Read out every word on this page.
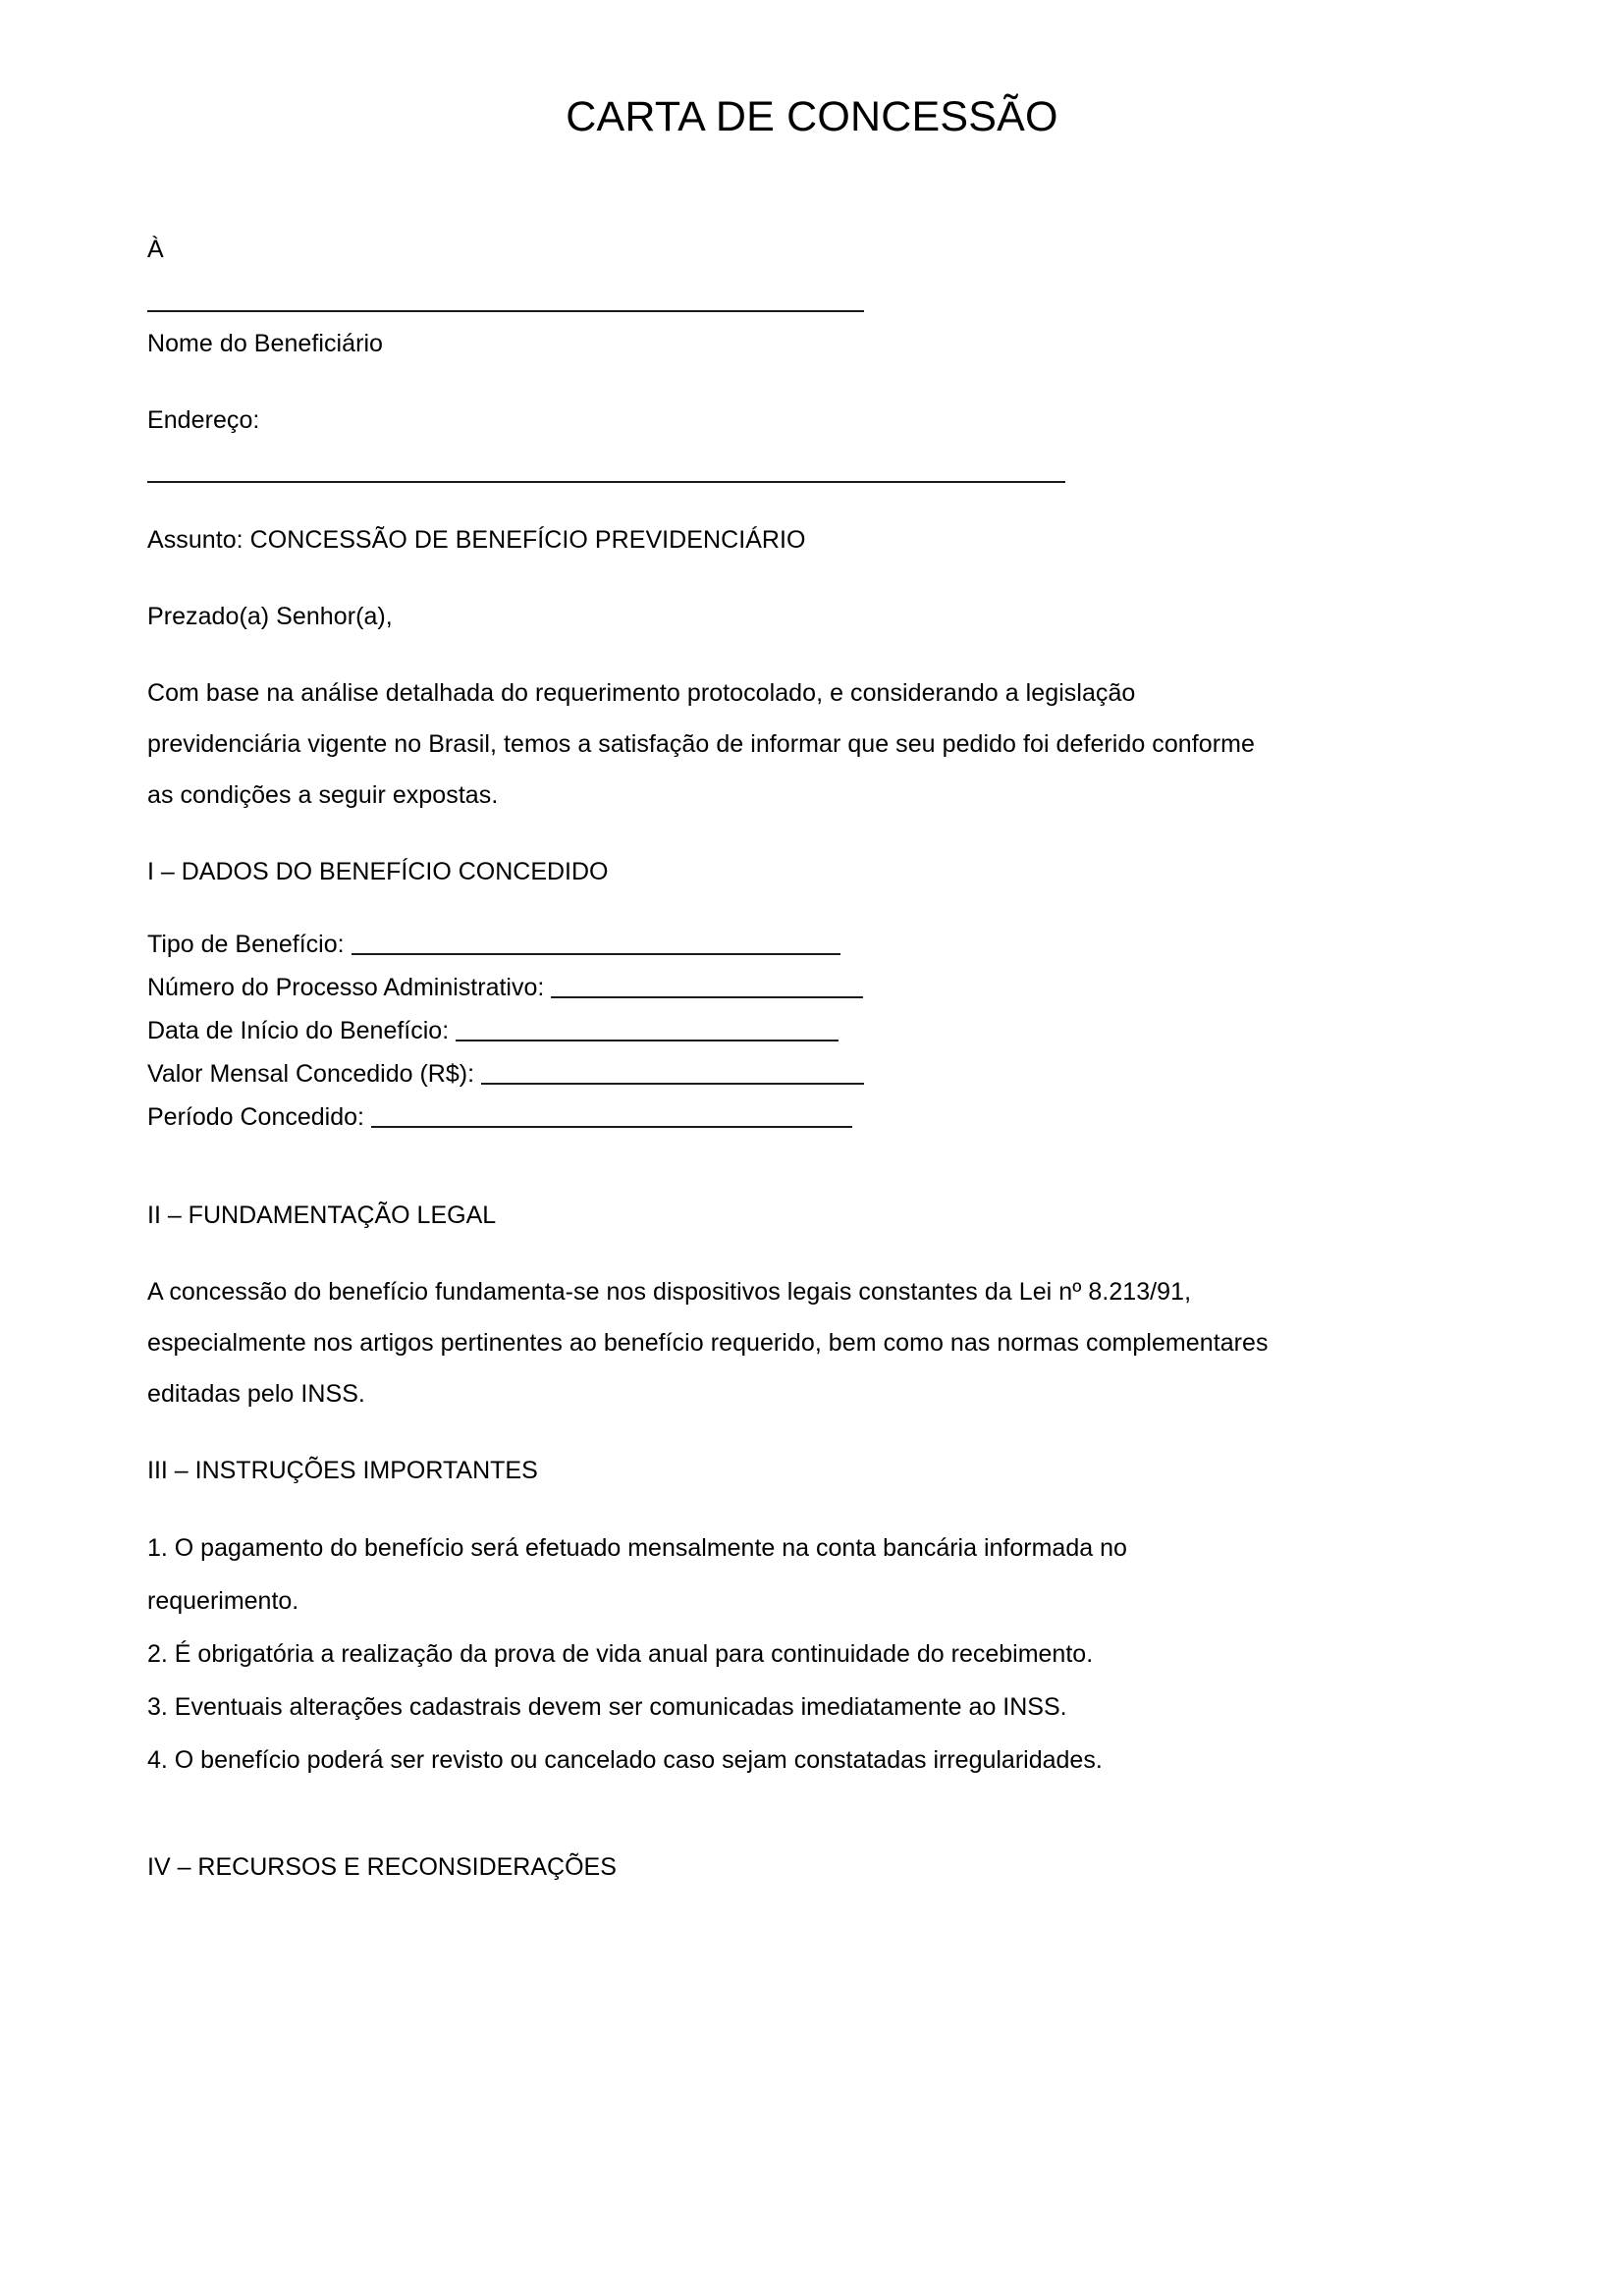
CARTA DE CONCESSÃO
À
Nome do Beneficiário
Endereço:
Assunto: CONCESSÃO DE BENEFÍCIO PREVIDENCIÁRIO
Prezado(a) Senhor(a),
Com base na análise detalhada do requerimento protocolado, e considerando a legislação previdenciária vigente no Brasil, temos a satisfação de informar que seu pedido foi deferido conforme as condições a seguir expostas.
I – DADOS DO BENEFÍCIO CONCEDIDO
Tipo de Benefício:
Número do Processo Administrativo:
Data de Início do Benefício:
Valor Mensal Concedido (R$):
Período Concedido:
II – FUNDAMENTAÇÃO LEGAL
A concessão do benefício fundamenta-se nos dispositivos legais constantes da Lei nº 8.213/91, especialmente nos artigos pertinentes ao benefício requerido, bem como nas normas complementares editadas pelo INSS.
III – INSTRUÇÕES IMPORTANTES

1. O pagamento do benefício será efetuado mensalmente na conta bancária informada no requerimento.

2. É obrigatória a realização da prova de vida anual para continuidade do recebimento.

3. Eventuais alterações cadastrais devem ser comunicadas imediatamente ao INSS.

4. O benefício poderá ser revisto ou cancelado caso sejam constatadas irregularidades.

IV – RECURSOS E RECONSIDERAÇÕES
